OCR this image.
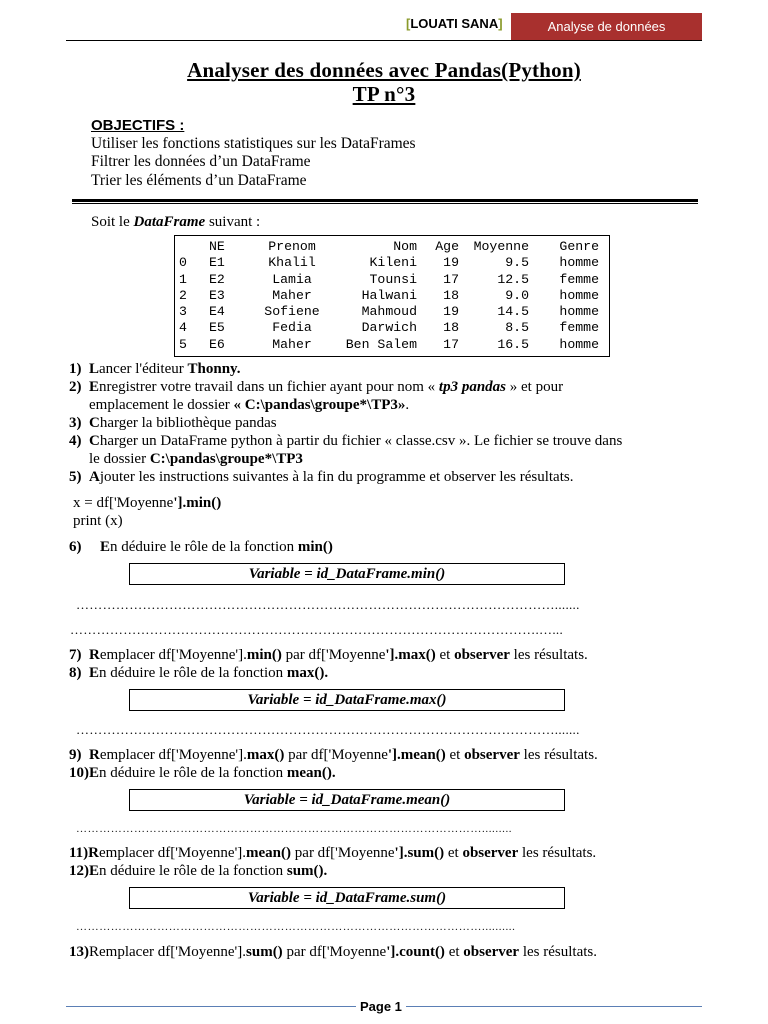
[LOUATI SANA]	Analyse de données
Analyser des données avec Pandas(Python)
TP n°3
OBJECTIFS :
Utiliser les fonctions statistiques sur les DataFrames
Filtrer les données d’un DataFrame
Trier les éléments d’un DataFrame
Soit le DataFrame suivant :
	NE	Prenom	Nom	Age	Moyenne	Genre
0	E1	Khalil	Kileni	19	9.5	homme
1	E2	Lamia	Tounsi	17	12.5	femme
2	E3	Maher	Halwani	18	9.0	homme
3	E4	Sofiene	Mahmoud	19	14.5	homme
4	E5	Fedia	Darwich	18	8.5	femme
5	E6	Maher	Ben Salem	17	16.5	homme
1) Lancer l'éditeur Thonny.
2) Enregistrer votre travail dans un fichier ayant pour nom « tp3 pandas » et pour
emplacement le dossier « C:\pandas\groupe*\TP3».
3) Charger la bibliothèque pandas
4) Charger un DataFrame python à partir du fichier « classe.csv ». Le fichier se trouve dans
le dossier C:\pandas\groupe*\TP3
5) Ajouter les instructions suivantes à la fin du programme et observer les résultats.
x = df['Moyenne'].min()
print (x)
6) En déduire le rôle de la fonction min()
Variable = id_DataFrame.min()
……………………………………………………………………………………………….......
…………………………………………………………………………………………….…...
7) Remplacer df['Moyenne'].min() par df['Moyenne'].max() et observer les résultats.
8) En déduire le rôle de la fonction max().
Variable = id_DataFrame.max()
……………………………………………………………………………………………….......
9) Remplacer df['Moyenne'].max() par df['Moyenne'].mean() et observer les résultats.
10)En déduire le rôle de la fonction mean().
Variable = id_DataFrame.mean()
…………………………………………………………………………………………….........
11)Remplacer df['Moyenne'].mean() par df['Moyenne'].sum() et observer les résultats.
12)En déduire le rôle de la fonction sum().
Variable = id_DataFrame.sum()
……………………………………………………………………………………………..........
13)Remplacer df['Moyenne'].sum() par df['Moyenne'].count() et observer les résultats.
Page 1
